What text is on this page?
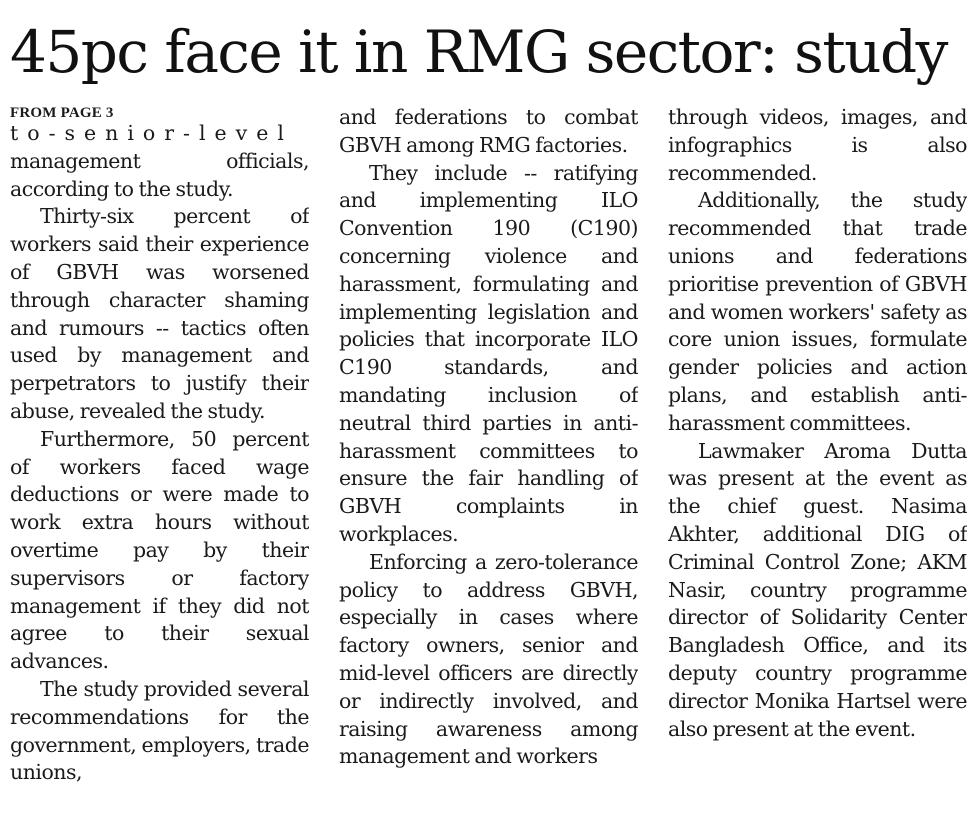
45pc face it in RMG sector: study
FROM PAGE 3

to-senior-level management officials, according to the study.

Thirty-six percent of workers said their experience of GBVH was worsened through character shaming and rumours -- tactics often used by management and perpetrators to justify their abuse, revealed the study.

Furthermore, 50 percent of workers faced wage deductions or were made to work extra hours without overtime pay by their supervisors or factory management if they did not agree to their sexual advances.

The study provided several recommendations for the government, employers, trade unions,

and federations to combat GBVH among RMG factories.

They include -- ratifying and implementing ILO Convention 190 (C190) concerning violence and harassment, formulating and implementing legislation and policies that incorporate ILO C190 standards, and mandating inclusion of neutral third parties in anti-harassment committees to ensure the fair handling of GBVH complaints in workplaces.

Enforcing a zero-tolerance policy to address GBVH, especially in cases where factory owners, senior and mid-level officers are directly or indirectly involved, and raising awareness among management and workers

through videos, images, and infographics is also recommended.

Additionally, the study recommended that trade unions and federations prioritise prevention of GBVH and women workers' safety as core union issues, formulate gender policies and action plans, and establish anti-harassment committees.

Lawmaker Aroma Dutta was present at the event as the chief guest. Nasima Akhter, additional DIG of Criminal Control Zone; AKM Nasir, country programme director of Solidarity Center Bangladesh Office, and its deputy country programme director Monika Hartsel were also present at the event.
